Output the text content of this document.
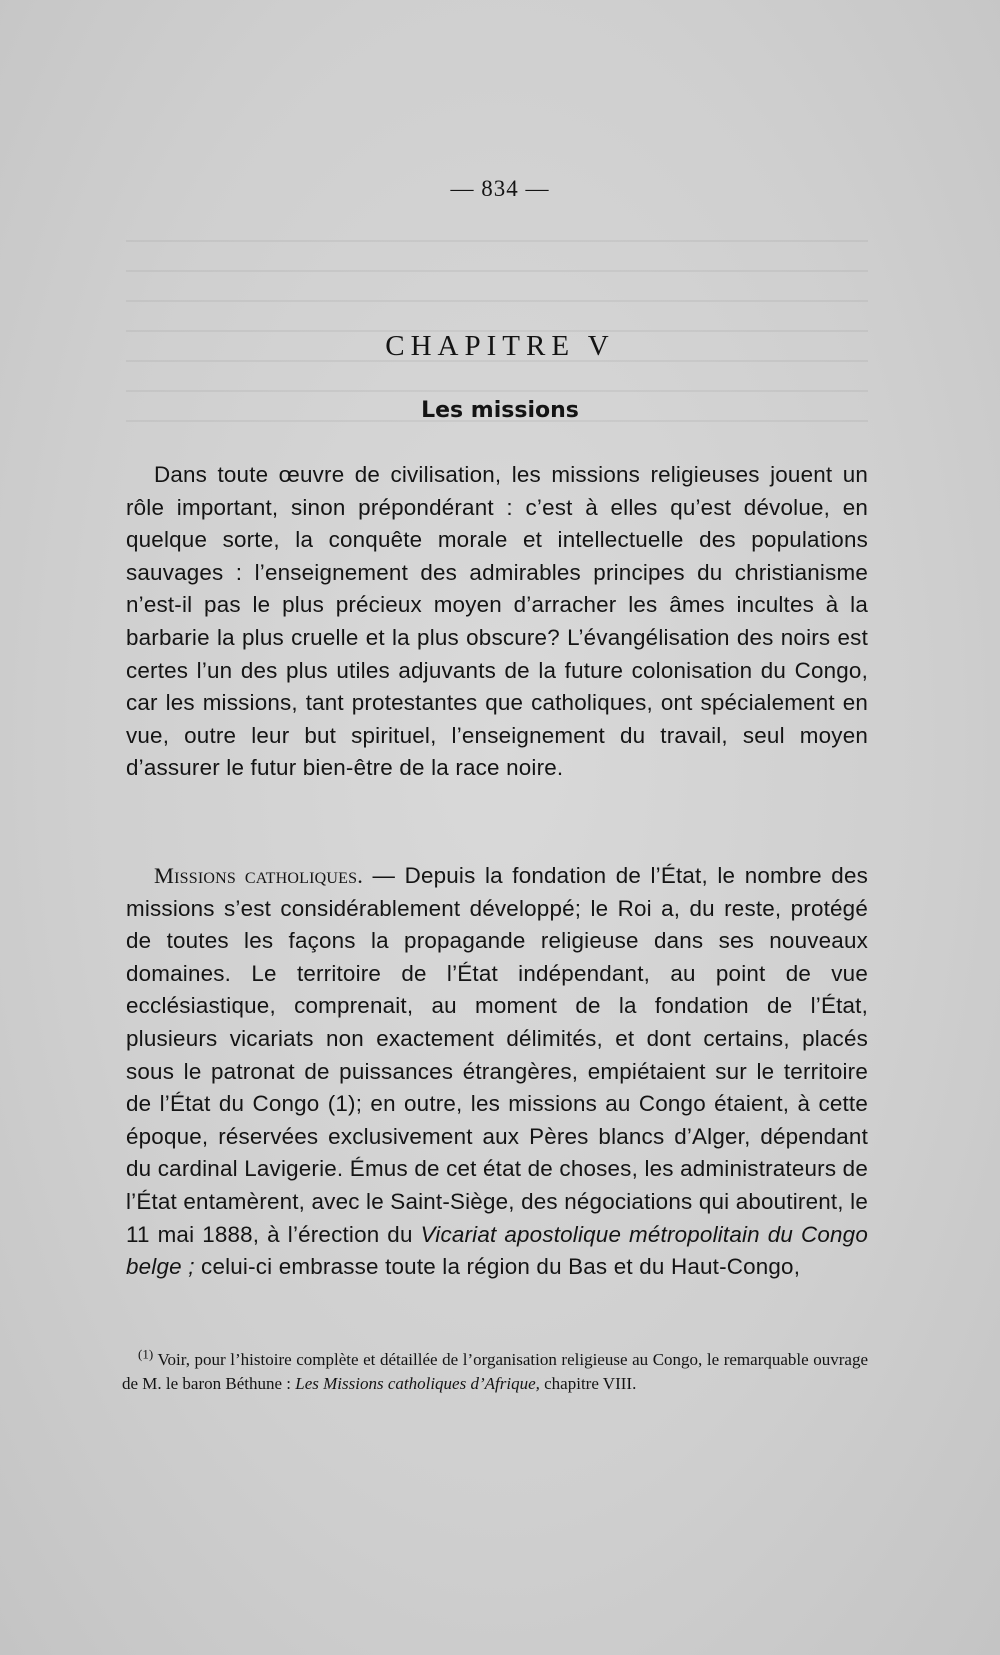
— 834 —
CHAPITRE V
Les missions

Dans toute œuvre de civilisation, les missions religieuses jouent un rôle important, sinon prépondérant : c’est à elles qu’est dévolue, en quelque sorte, la conquête morale et intellectuelle des populations sauvages : l’enseignement des admirables principes du christianisme n’est-il pas le plus précieux moyen d’arracher les âmes incultes à la barbarie la plus cruelle et la plus obscure? L’évangélisation des noirs est certes l’un des plus utiles adjuvants de la future colonisation du Congo, car les missions, tant protestantes que catholiques, ont spécialement en vue, outre leur but spirituel, l’enseignement du travail, seul moyen d’assurer le futur bien-être de la race noire.

Missions catholiques. — Depuis la fondation de l’État, le nombre des missions s’est considérablement développé; le Roi a, du reste, protégé de toutes les façons la propagande religieuse dans ses nouveaux domaines. Le territoire de l’État indépendant, au point de vue ecclésiastique, comprenait, au moment de la fondation de l’État, plusieurs vicariats non exactement délimités, et dont certains, placés sous le patronat de puissances étrangères, empiétaient sur le territoire de l’État du Congo (1); en outre, les missions au Congo étaient, à cette époque, réservées exclusivement aux Pères blancs d’Alger, dépendant du cardinal Lavigerie. Émus de cet état de choses, les administrateurs de l’État entamèrent, avec le Saint-Siège, des négociations qui aboutirent, le 11 mai 1888, à l’érection du Vicariat apostolique métropolitain du Congo belge ; celui-ci embrasse toute la région du Bas et du Haut-Congo,

$^{(1)}$ Voir, pour l’histoire complète et détaillée de l’organisation religieuse au Congo, le remarquable ouvrage de M. le baron Béthune : Les Missions catholiques d’Afrique, chapitre VIII.
